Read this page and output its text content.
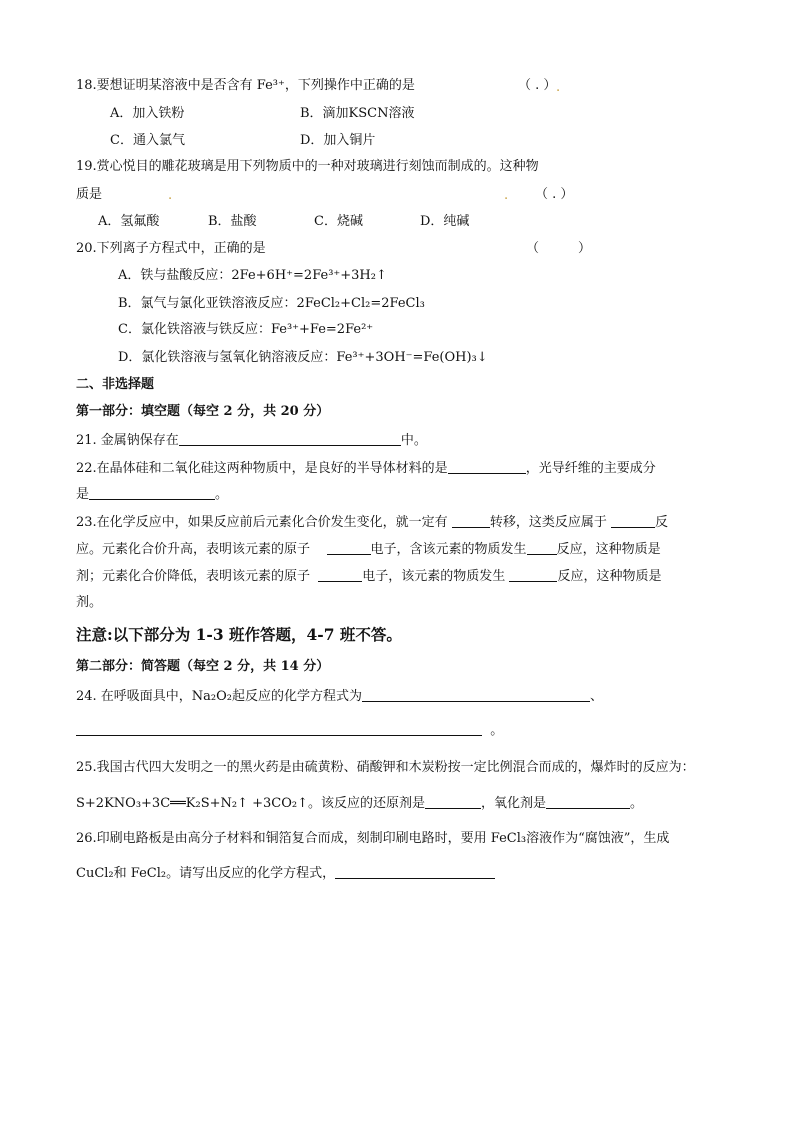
18.要想证明某溶液中是否含有 Fe³⁺，下列操作中正确的是	（ . ）
A．加入铁粉	B．滴加KSCN溶液
C．通入氯气	D．加入铜片
19.赏心悦目的雕花玻璃是用下列物质中的一种对玻璃进行刻蚀而制成的。这种物
质是	（ . ）
A．氢氟酸	B．盐酸	C．烧碱	D．纯碱
20.下列离子方程式中，正确的是	（　　　）
A．铁与盐酸反应：2Fe+6H⁺=2Fe³⁺+3H₂↑
B．氯气与氯化亚铁溶液反应：2FeCl₂+Cl₂=2FeCl₃
C．氯化铁溶液与铁反应：Fe³⁺+Fe=2Fe²⁺
D．氯化铁溶液与氢氧化钠溶液反应：Fe³⁺+3OH⁻=Fe(OH)₃↓
二、非选择题
第一部分：填空题（每空 2 分，共 20 分）
21. 金属钠保存在	中。
22.在晶体硅和二氧化硅这两种物质中，是良好的半导体材料的是	，光导纤维的主要成分
是	。
23.在化学反应中，如果反应前后元素化合价发生变化，就一定有	转移，这类反应属于	反
应。元素化合价升高，表明该元素的原子	电子，含该元素的物质发生 反应，这种物质是
剂；元素化合价降低，表明该元素的原子	电子，该元素的物质发生	反应，这种物质是
剂。
注意:以下部分为 1-3 班作答题，4-7 班不答。
第二部分：简答题（每空 2 分，共 14 分）
24. 在呼吸面具中，Na₂O₂起反应的化学方程式为	、
。
25.我国古代四大发明之一的黑火药是由硫黄粉、硝酸钾和木炭粉按一定比例混合而成的，爆炸时的反应为：
S+2KNO₃+3C══K₂S+N₂↑ +3CO₂↑。该反应的还原剂是	，氧化剂是	。
26.印刷电路板是由高分子材料和铜箔复合而成，刻制印刷电路时，要用 FeCl₃溶液作为“腐蚀液”，生成
CuCl₂和 FeCl₂。请写出反应的化学方程式，
.
.	.
